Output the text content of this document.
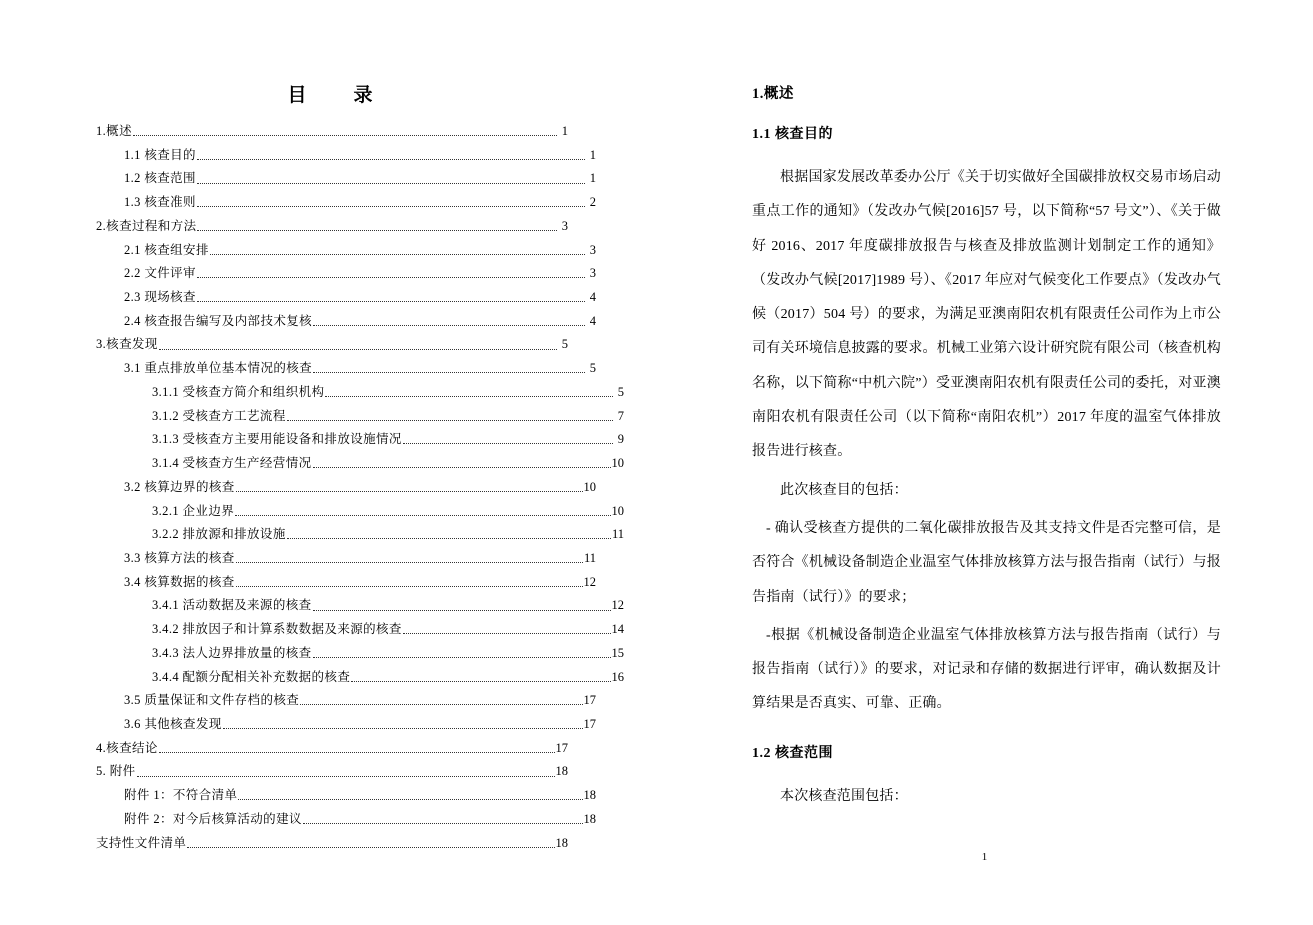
目　录
1.概述	1
1.1 核查目的	1
1.2 核查范围	1
1.3 核查准则	2
2.核查过程和方法	3
2.1 核查组安排	3
2.2 文件评审	3
2.3 现场核查	4
2.4 核查报告编写及内部技术复核	4
3.核查发现	5
3.1 重点排放单位基本情况的核查	5
3.1.1 受核查方简介和组织机构	5
3.1.2 受核查方工艺流程	7
3.1.3 受核查方主要用能设备和排放设施情况	9
3.1.4 受核查方生产经营情况	10
3.2 核算边界的核查	10
3.2.1 企业边界	10
3.2.2 排放源和排放设施	11
3.3 核算方法的核查	11
3.4 核算数据的核查	12
3.4.1 活动数据及来源的核查	12
3.4.2 排放因子和计算系数数据及来源的核查	14
3.4.3 法人边界排放量的核查	15
3.4.4 配额分配相关补充数据的核查	16
3.5 质量保证和文件存档的核查	17
3.6 其他核查发现	17
4.核查结论	17
5. 附件	18
附件 1：不符合清单	18
附件 2：对今后核算活动的建议	18
支持性文件清单	18
1.概述
1.1 核查目的

根据国家发展改革委办公厅《关于切实做好全国碳排放权交易市场启动重点工作的通知》（发改办气候[2016]57 号，以下简称“57 号文”）、《关于做好 2016、2017 年度碳排放报告与核查及排放监测计划制定工作的通知》（发改办气候[2017]1989 号）、《2017 年应对气候变化工作要点》（发改办气候（2017）504 号）的要求，为满足亚澳南阳农机有限责任公司作为上市公司有关环境信息披露的要求。机械工业第六设计研究院有限公司（核查机构名称，以下简称“中机六院”）受亚澳南阳农机有限责任公司的委托，对亚澳南阳农机有限责任公司（以下简称“南阳农机”）2017 年度的温室气体排放报告进行核查。

此次核查目的包括：

- 确认受核查方提供的二氧化碳排放报告及其支持文件是否完整可信，是否符合《机械设备制造企业温室气体排放核算方法与报告指南（试行）与报告指南（试行）》的要求；

-根据《机械设备制造企业温室气体排放核算方法与报告指南（试行）与报告指南（试行）》的要求，对记录和存储的数据进行评审，确认数据及计算结果是否真实、可靠、正确。

1.2 核查范围

本次核查范围包括：

1
